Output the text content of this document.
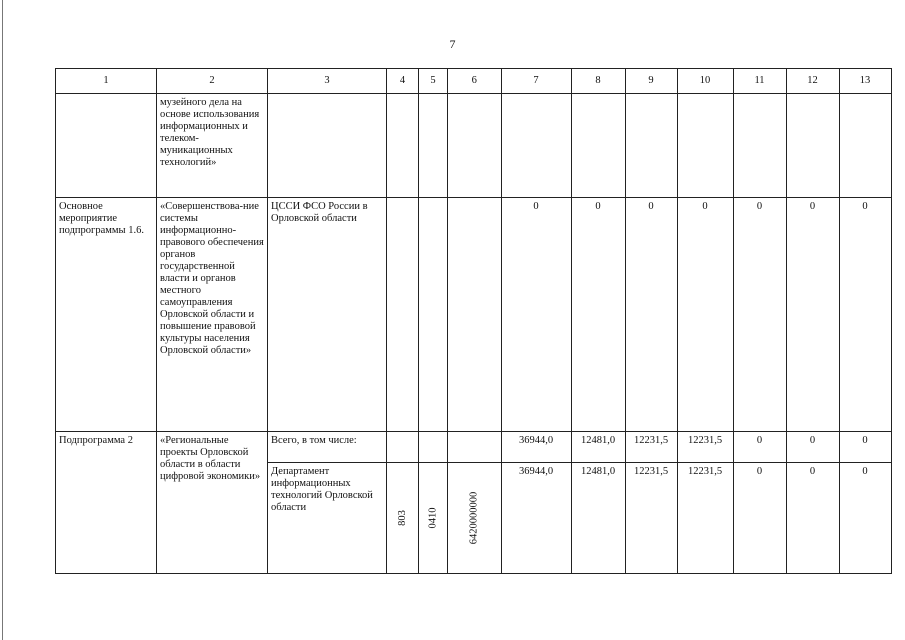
7
1	2	3	4	5	6	7	8	9	10	11	12	13
	музейного дела на основе использования информационных и телеком-муникационных технологий»											
Основное мероприятие подпрограммы 1.6.	«Совершенствова-ние системы информационно-правового обеспечения органов государственной власти и органов местного самоуправления Орловской области и повышение правовой культуры населения Орловской области»	ЦССИ ФСО России в Орловской области				0	0	0	0	0	0	0
Подпрограмма 2	«Региональные проекты Орловской области в области цифровой экономики»	Всего, в том числе:				36944,0	12481,0	12231,5	12231,5	0	0	0
		Департамент информационных технологий Орловской области	803	0410	6420000000	36944,0	12481,0	12231,5	12231,5	0	0	0
